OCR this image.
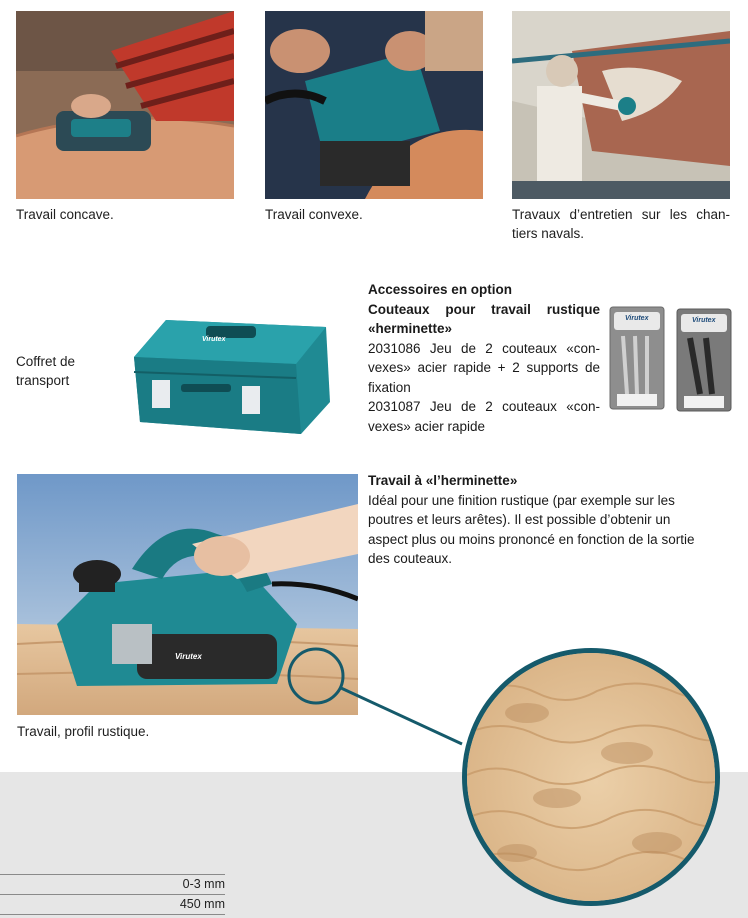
Travail concave.	Travail convexe.	Travaux d’entretien sur les chan-
tiers navals.
Coffret de
transport
Virutex
Accessoires en option
Couteaux pour travail rustique
«herminette»
2031086 Jeu de 2 couteaux «con-
vexes» acier rapide + 2 supports de
fixation
2031087 Jeu de 2 couteaux «con-
vexes» acier rapide
Virutex	Virutex
Travail à «l’herminette»
Idéal pour une finition rustique (par exemple sur les
poutres et leurs arêtes). Il est possible d’obtenir un
aspect plus ou moins prononcé en fonction de la sortie
des couteaux.
Virutex
Travail, profil rustique.
0-3 mm
450 mm
